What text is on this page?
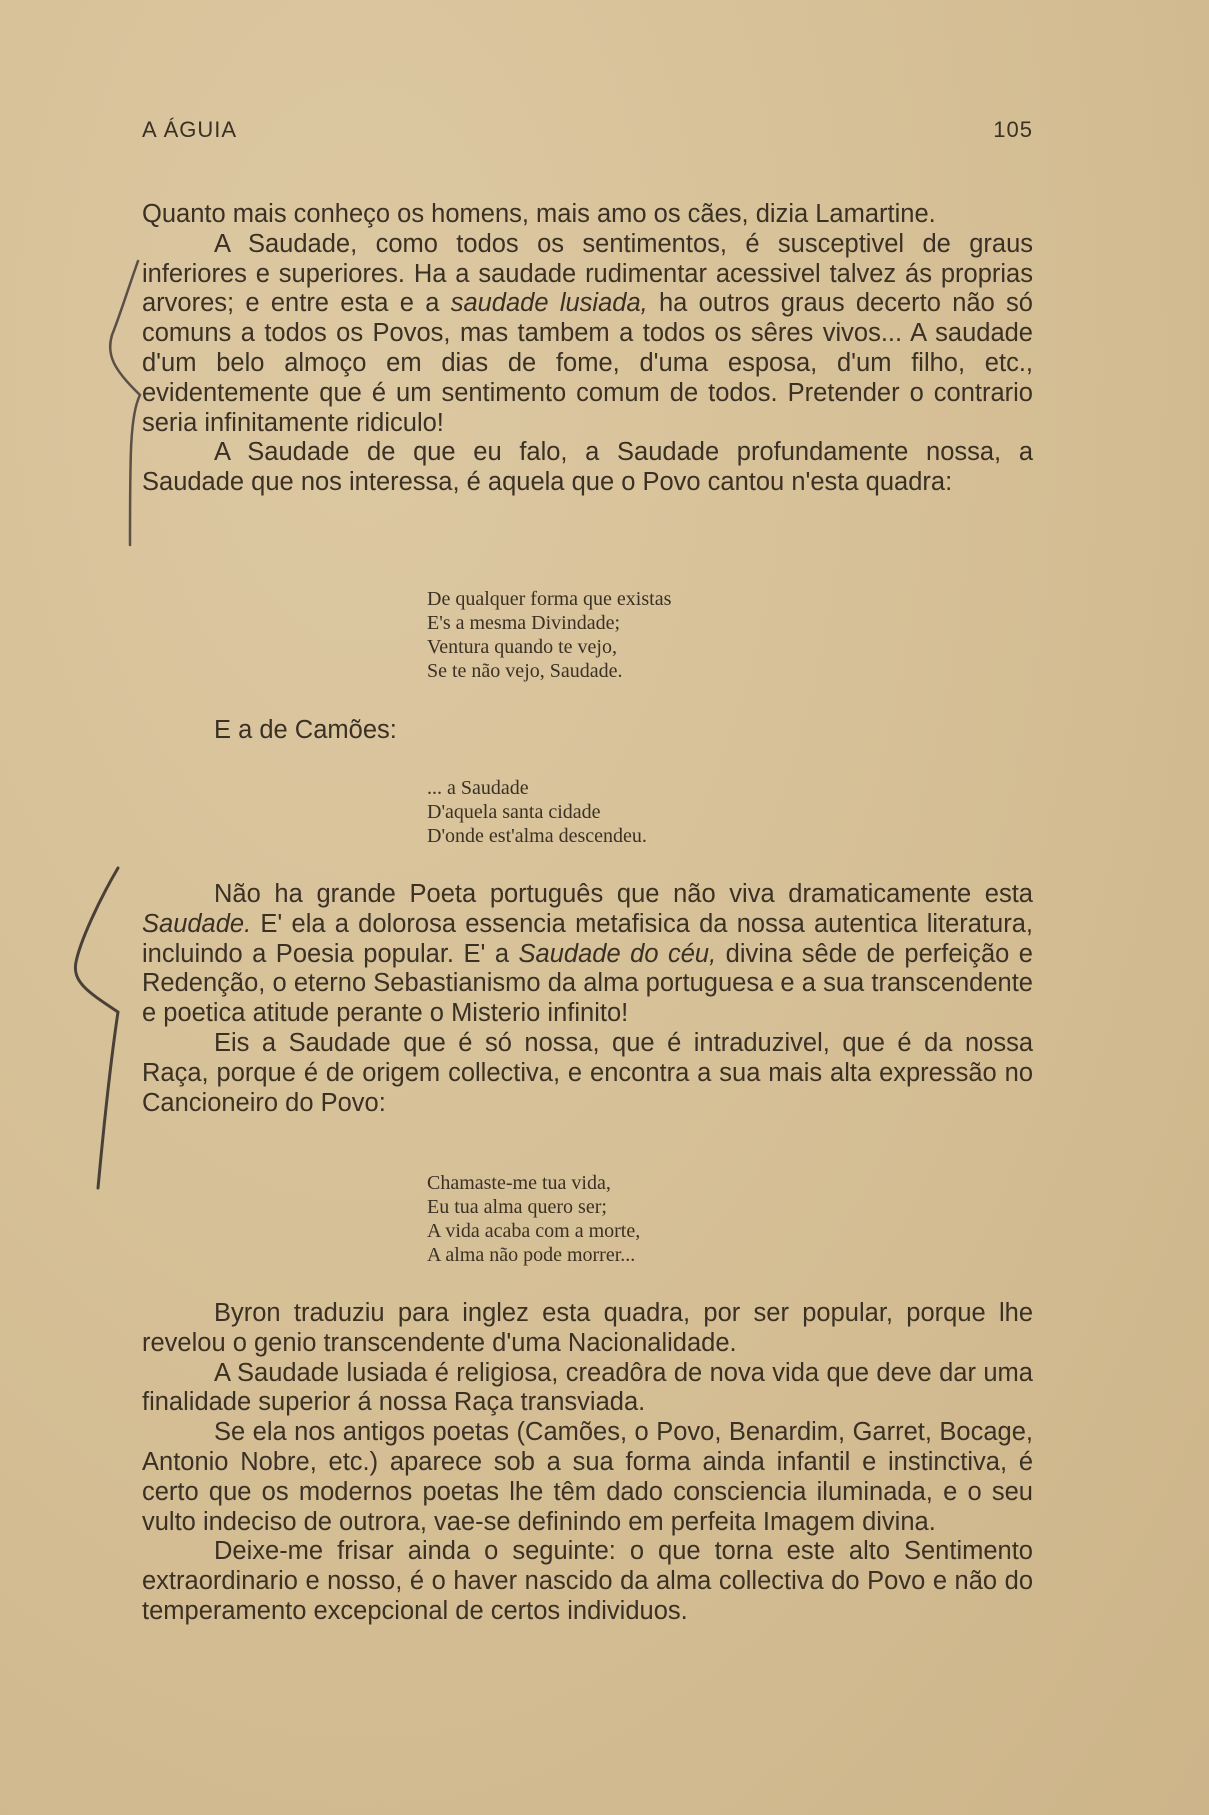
A ÁGUIA	105

Quanto mais conheço os homens, mais amo os cães, dizia Lamartine.

A Saudade, como todos os sentimentos, é susceptivel de graus inferiores e superiores. Ha a saudade rudimentar acessivel talvez ás proprias arvores; e entre esta e a saudade lusiada, ha outros graus decerto não só comuns a todos os Povos, mas tambem a todos os sêres vivos... A saudade d'um belo almoço em dias de fome, d'uma esposa, d'um filho, etc., evidentemente que é um sentimento comum de todos. Pretender o contrario seria infinitamente ridiculo!

A Saudade de que eu falo, a Saudade profundamente nossa, a Saudade que nos interessa, é aquela que o Povo cantou n'esta quadra:

De qualquer forma que existas
E's a mesma Divindade;
Ventura quando te vejo,
Se te não vejo, Saudade.
E a de Camões:
... a Saudade
D'aquela santa cidade
D'onde est'alma descendeu.

Não ha grande Poeta português que não viva dramaticamente esta Saudade. E' ela a dolorosa essencia metafisica da nossa autentica literatura, incluindo a Poesia popular. E' a Saudade do céu, divina sêde de perfeição e Redenção, o eterno Sebastianismo da alma portuguesa e a sua transcendente e poetica atitude perante o Misterio infinito!

Eis a Saudade que é só nossa, que é intraduzivel, que é da nossa Raça, porque é de origem collectiva, e encontra a sua mais alta expressão no Cancioneiro do Povo:

Chamaste-me tua vida,
Eu tua alma quero ser;
A vida acaba com a morte,
A alma não pode morrer...

Byron traduziu para inglez esta quadra, por ser popular, porque lhe revelou o genio transcendente d'uma Nacionalidade.

A Saudade lusiada é religiosa, creadôra de nova vida que deve dar uma finalidade superior á nossa Raça transviada.

Se ela nos antigos poetas (Camões, o Povo, Benardim, Garret, Bocage, Antonio Nobre, etc.) aparece sob a sua forma ainda infantil e instinctiva, é certo que os modernos poetas lhe têm dado consciencia iluminada, e o seu vulto indeciso de outrora, vae-se definindo em perfeita Imagem divina.

Deixe-me frisar ainda o seguinte: o que torna este alto Sentimento extraordinario e nosso, é o haver nascido da alma collectiva do Povo e não do temperamento excepcional de certos individuos.
